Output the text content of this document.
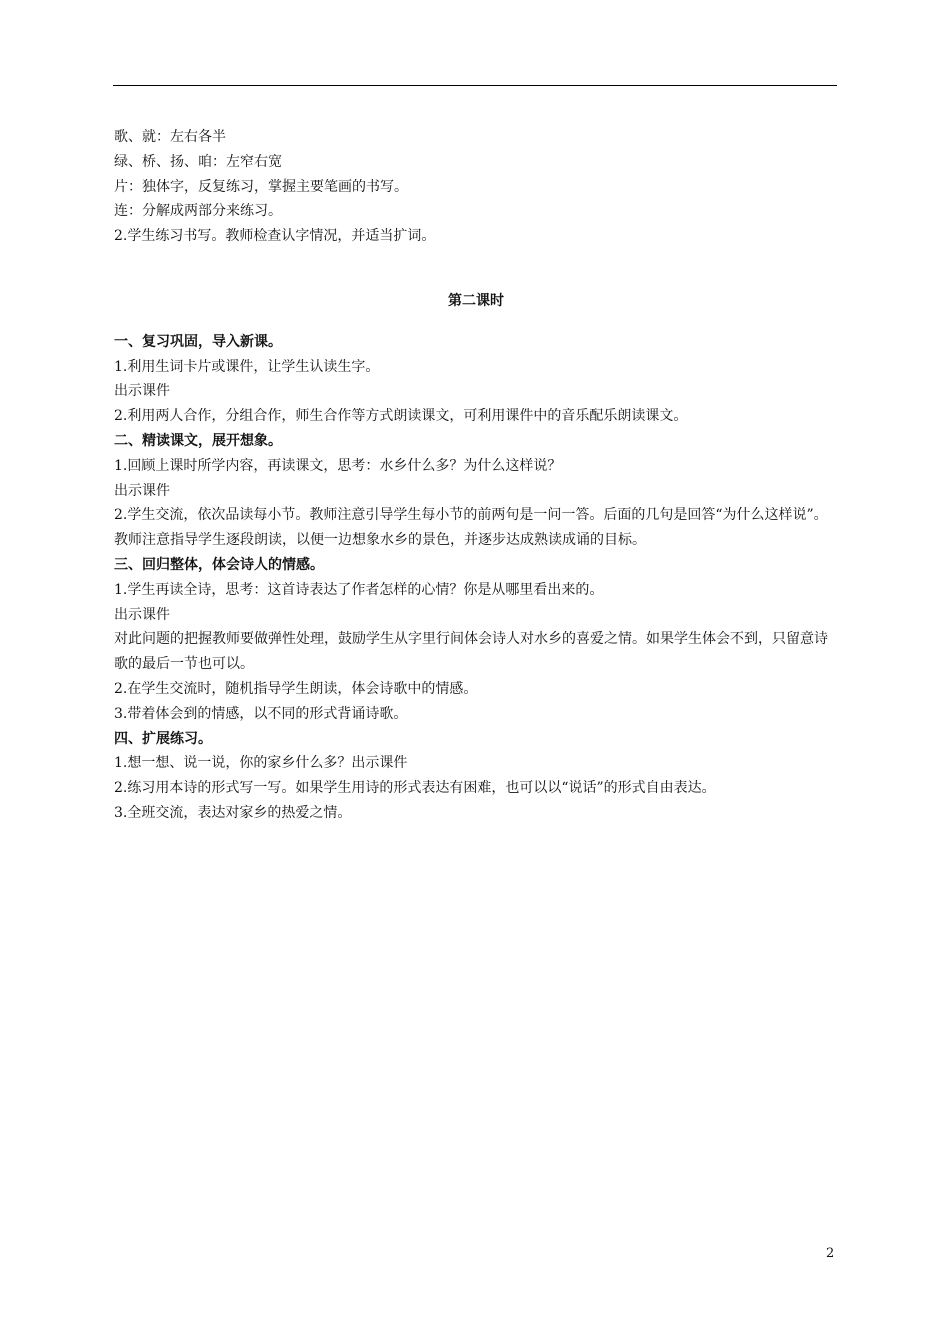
歌、就：左右各半

绿、桥、扬、咱：左窄右宽

片：独体字，反复练习，掌握主要笔画的书写。

连：分解成两部分来练习。

2.学生练习书写。教师检查认字情况，并适当扩词。

第二课时

一、复习巩固，导入新课。

1.利用生词卡片或课件，让学生认读生字。

出示课件

2.利用两人合作，分组合作，师生合作等方式朗读课文，可利用课件中的音乐配乐朗读课文。

二、精读课文，展开想象。

1.回顾上课时所学内容，再读课文，思考：水乡什么多？为什么这样说？

出示课件

2.学生交流，依次品读每小节。教师注意引导学生每小节的前两句是一问一答。后面的几句是回答“为什么这样说”。

教师注意指导学生逐段朗读，以便一边想象水乡的景色，并逐步达成熟读成诵的目标。

三、回归整体，体会诗人的情感。

1.学生再读全诗，思考：这首诗表达了作者怎样的心情？你是从哪里看出来的。

出示课件

对此问题的把握教师要做弹性处理，鼓励学生从字里行间体会诗人对水乡的喜爱之情。如果学生体会不到，只留意诗歌的最后一节也可以。

2.在学生交流时，随机指导学生朗读，体会诗歌中的情感。

3.带着体会到的情感，以不同的形式背诵诗歌。

四、扩展练习。

1.想一想、说一说，你的家乡什么多？出示课件

2.练习用本诗的形式写一写。如果学生用诗的形式表达有困难，也可以以“说话”的形式自由表达。

3.全班交流，表达对家乡的热爱之情。

2
